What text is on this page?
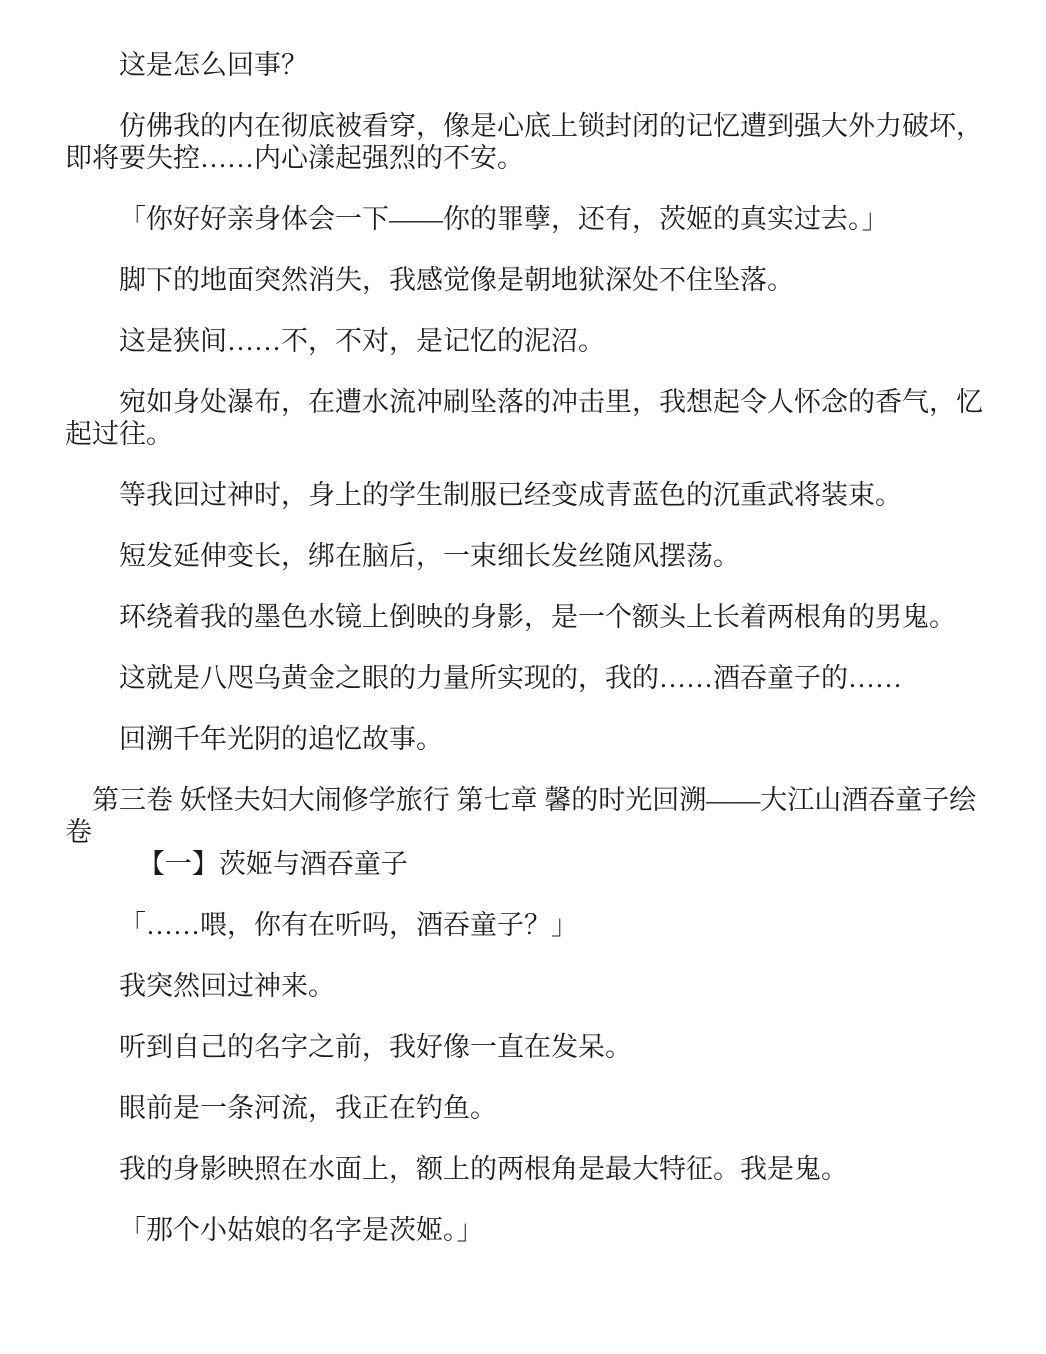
这是怎么回事？

仿佛我的内在彻底被看穿，像是心底上锁封闭的记忆遭到强大外力破坏，即将要失控……内心漾起强烈的不安。

「你好好亲身体会一下——你的罪孽，还有，茨姬的真实过去。」

脚下的地面突然消失，我感觉像是朝地狱深处不住坠落。

这是狭间……不，不对，是记忆的泥沼。

宛如身处瀑布，在遭水流冲刷坠落的冲击里，我想起令人怀念的香气，忆起过往。

等我回过神时，身上的学生制服已经变成青蓝色的沉重武将装束。

短发延伸变长，绑在脑后，一束细长发丝随风摆荡。

环绕着我的墨色水镜上倒映的身影，是一个额头上长着两根角的男鬼。

这就是八咫乌黄金之眼的力量所实现的，我的……酒吞童子的……

回溯千年光阴的追忆故事。

第三卷 妖怪夫妇大闹修学旅行 第七章 馨的时光回溯——大江山酒吞童子绘卷

【一】茨姬与酒吞童子

「……喂，你有在听吗，酒吞童子？」

我突然回过神来。

听到自己的名字之前，我好像一直在发呆。

眼前是一条河流，我正在钓鱼。

我的身影映照在水面上，额上的两根角是最大特征。我是鬼。

「那个小姑娘的名字是茨姬。」
